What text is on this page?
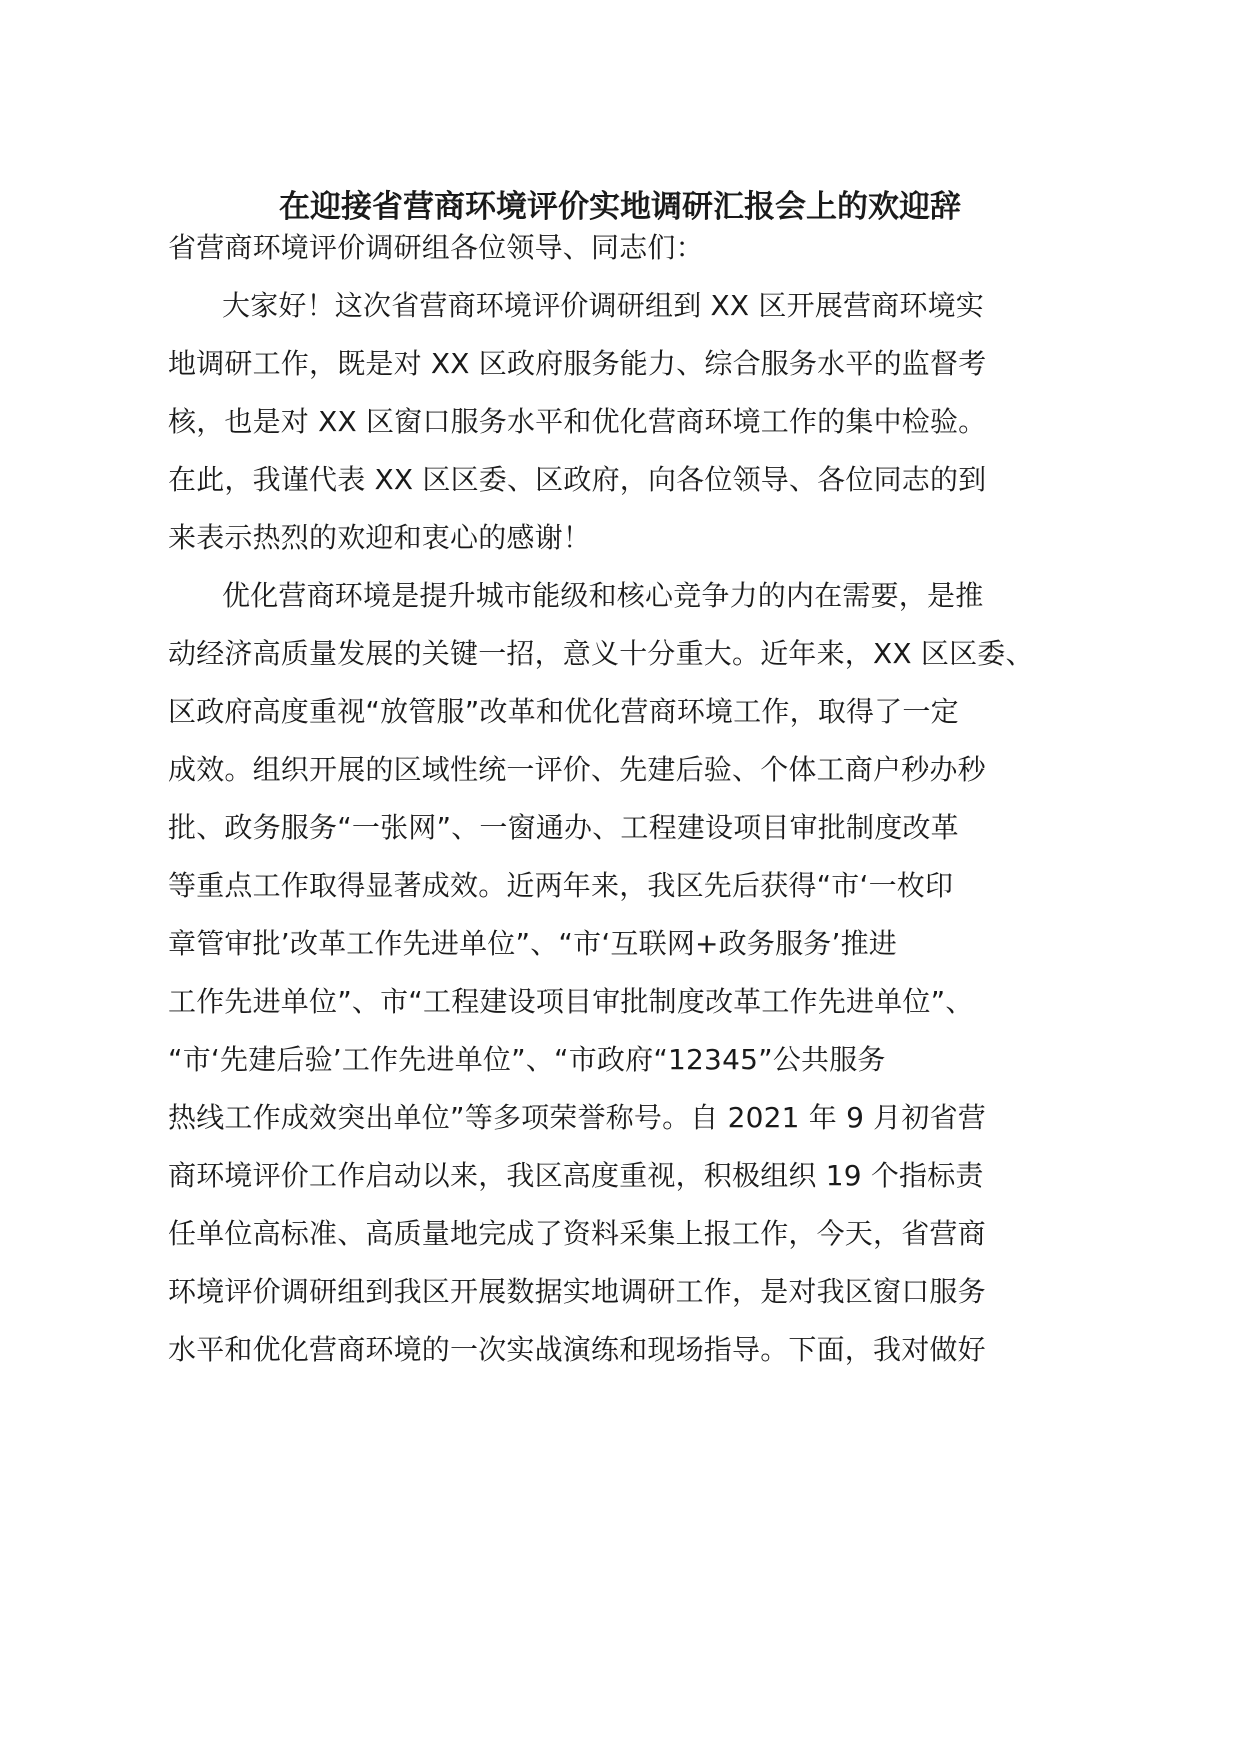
在迎接省营商环境评价实地调研汇报会上的欢迎辞
省营商环境评价调研组各位领导、同志们：
大家好！这次省营商环境评价调研组到 XX 区开展营商环境实
地调研工作，既是对 XX 区政府服务能力、综合服务水平的监督考
核，也是对 XX 区窗口服务水平和优化营商环境工作的集中检验。
在此，我谨代表 XX 区区委、区政府，向各位领导、各位同志的到
来表示热烈的欢迎和衷心的感谢！
优化营商环境是提升城市能级和核心竞争力的内在需要，是推
动经济高质量发展的关键一招，意义十分重大。近年来，XX 区区委、
区政府高度重视“放管服”改革和优化营商环境工作，取得了一定
成效。组织开展的区域性统一评价、先建后验、个体工商户秒办秒
批、政务服务“一张网”、一窗通办、工程建设项目审批制度改革
等重点工作取得显著成效。近两年来，我区先后获得“市‘一枚印
章管审批’改革工作先进单位”、“市‘互联网+政务服务’推进
工作先进单位”、市“工程建设项目审批制度改革工作先进单位”、
“市‘先建后验’工作先进单位”、“市政府“12345”公共服务
热线工作成效突出单位”等多项荣誉称号。自 2021 年 9 月初省营
商环境评价工作启动以来，我区高度重视，积极组织 19 个指标责
任单位高标准、高质量地完成了资料采集上报工作，今天，省营商
环境评价调研组到我区开展数据实地调研工作，是对我区窗口服务
水平和优化营商环境的一次实战演练和现场指导。下面，我对做好
